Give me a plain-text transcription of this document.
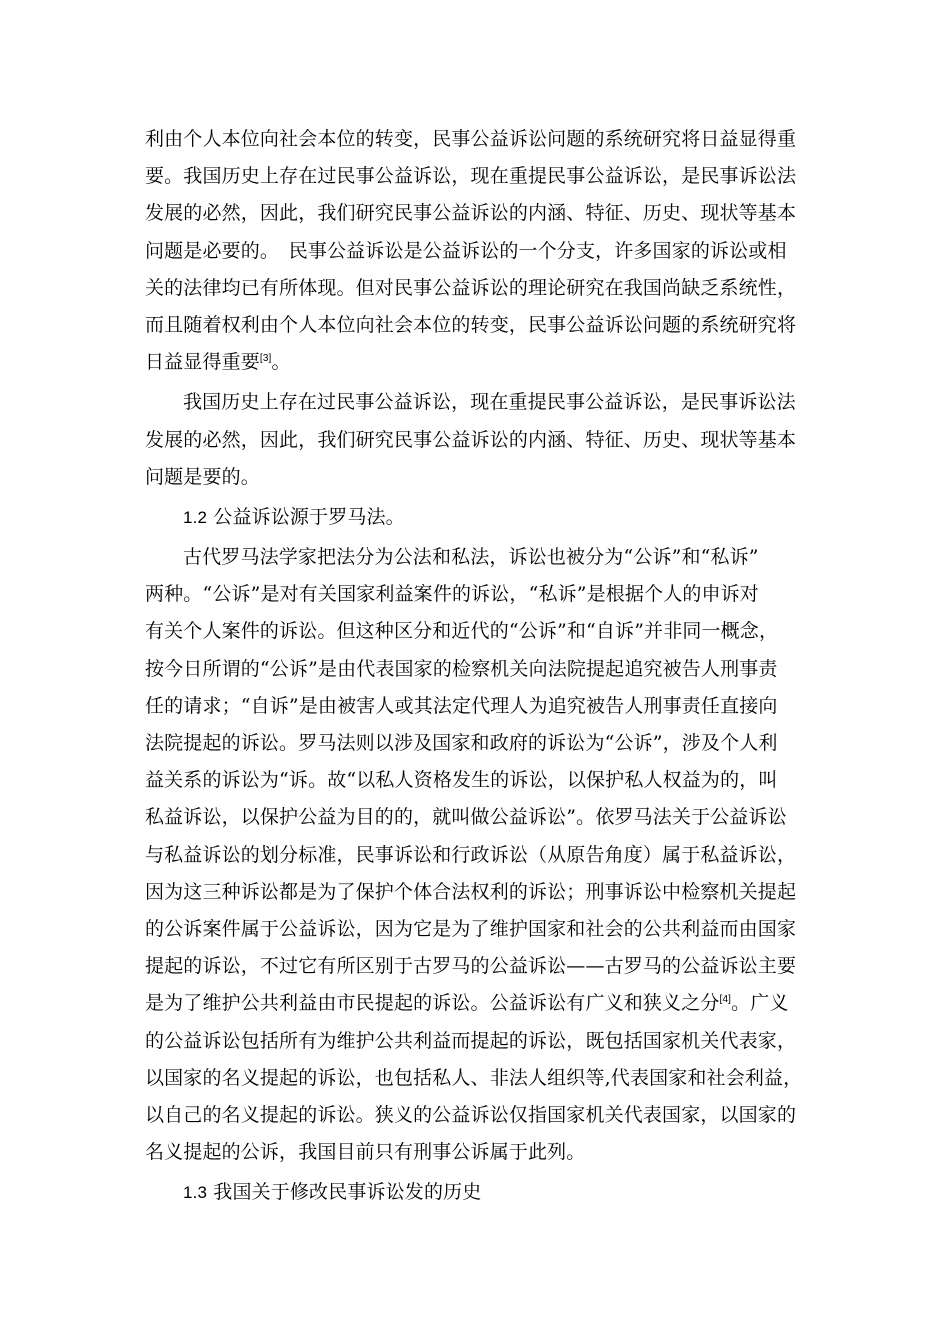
利由个人本位向社会本位的转变，民事公益诉讼问题的系统研究将日益显得重
要。我国历史上存在过民事公益诉讼，现在重提民事公益诉讼，是民事诉讼法
发展的必然，因此，我们研究民事公益诉讼的内涵、特征、历史、现状等基本
问题是必要的。　民事公益诉讼是公益诉讼的一个分支，许多国家的诉讼或相
关的法律均已有所体现。但对民事公益诉讼的理论研究在我国尚缺乏系统性，
而且随着权利由个人本位向社会本位的转变，民事公益诉讼问题的系统研究将
日益显得重要[3]。
我国历史上存在过民事公益诉讼，现在重提民事公益诉讼，是民事诉讼法
发展的必然，因此，我们研究民事公益诉讼的内涵、特征、历史、现状等基本
问题是要的。
1.2 公益诉讼源于罗马法。
古代罗马法学家把法分为公法和私法，诉讼也被分为“公诉”和“私诉”
两种。“公诉”是对有关国家利益案件的诉讼，“私诉”是根据个人的申诉对
有关个人案件的诉讼。但这种区分和近代的“公诉”和“自诉”并非同一概念，
按今日所谓的“公诉”是由代表国家的检察机关向法院提起追究被告人刑事责
任的请求；“自诉”是由被害人或其法定代理人为追究被告人刑事责任直接向
法院提起的诉讼。罗马法则以涉及国家和政府的诉讼为“公诉”，涉及个人利
益关系的诉讼为“诉。故“以私人资格发生的诉讼，以保护私人权益为的，叫
私益诉讼，以保护公益为目的的，就叫做公益诉讼”。依罗马法关于公益诉讼
与私益诉讼的划分标准，民事诉讼和行政诉讼（从原告角度）属于私益诉讼，
因为这三种诉讼都是为了保护个体合法权利的诉讼；刑事诉讼中检察机关提起
的公诉案件属于公益诉讼，因为它是为了维护国家和社会的公共利益而由国家
提起的诉讼，不过它有所区别于古罗马的公益诉讼——古罗马的公益诉讼主要
是为了维护公共利益由市民提起的诉讼。公益诉讼有广义和狭义之分[4]。广义
的公益诉讼包括所有为维护公共利益而提起的诉讼，既包括国家机关代表家，
以国家的名义提起的诉讼，也包括私人、非法人组织等,代表国家和社会利益，
以自己的名义提起的诉讼。狭义的公益诉讼仅指国家机关代表国家，以国家的
名义提起的公诉，我国目前只有刑事公诉属于此列。
1.3 我国关于修改民事诉讼发的历史
